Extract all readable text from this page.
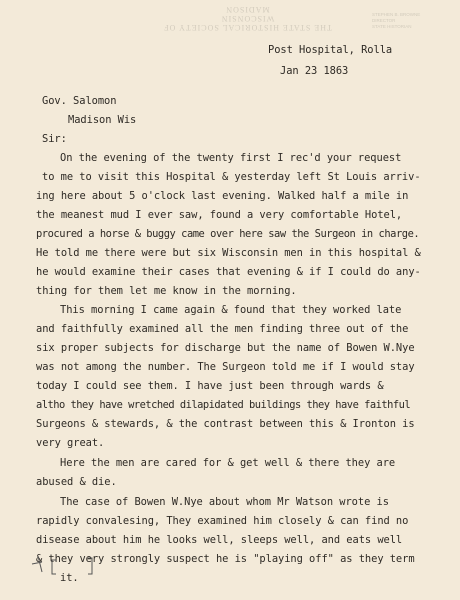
THE STATE HISTORICAL SOCIETY OF WISCONSIN
MADISON
STEPHEN B. BROWNE
DIRECTOR
STATE HISTORIAN
Post Hospital, Rolla
Jan 23 1863
Gov. Salomon
Madison Wis
Sir:
On the evening of the twenty first I rec'd your request
to me to visit this Hospital & yesterday left St Louis arriv-
ing here about 5 o'clock last evening. Walked half a mile in
the meanest mud I ever saw, found a very comfortable Hotel,
procured a horse & buggy came over here saw the Surgeon in charge.
He told me there were but six Wisconsin men in this hospital &
he would examine their cases that evening & if I could do any-
thing for them let me know in the morning.
This morning I came again & found that they worked late
and faithfully examined all the men finding three out of the
six proper subjects for discharge but the name of Bowen W.Nye
was not among the number. The Surgeon told me if I would stay
today I could see them. I have just been through wards &
altho they have wretched dilapidated buildings they have faithful
Surgeons & stewards, & the contrast between this & Ironton is
very great.
Here the men are cared for & get well & there they are
abused & die.
The case of Bowen W.Nye about whom Mr Watson wrote is
rapidly convalesing, They examined him closely & can find no
disease about him he looks well, sleeps well, and eats well
& they very strongly suspect he is "playing off" as they term
it.
